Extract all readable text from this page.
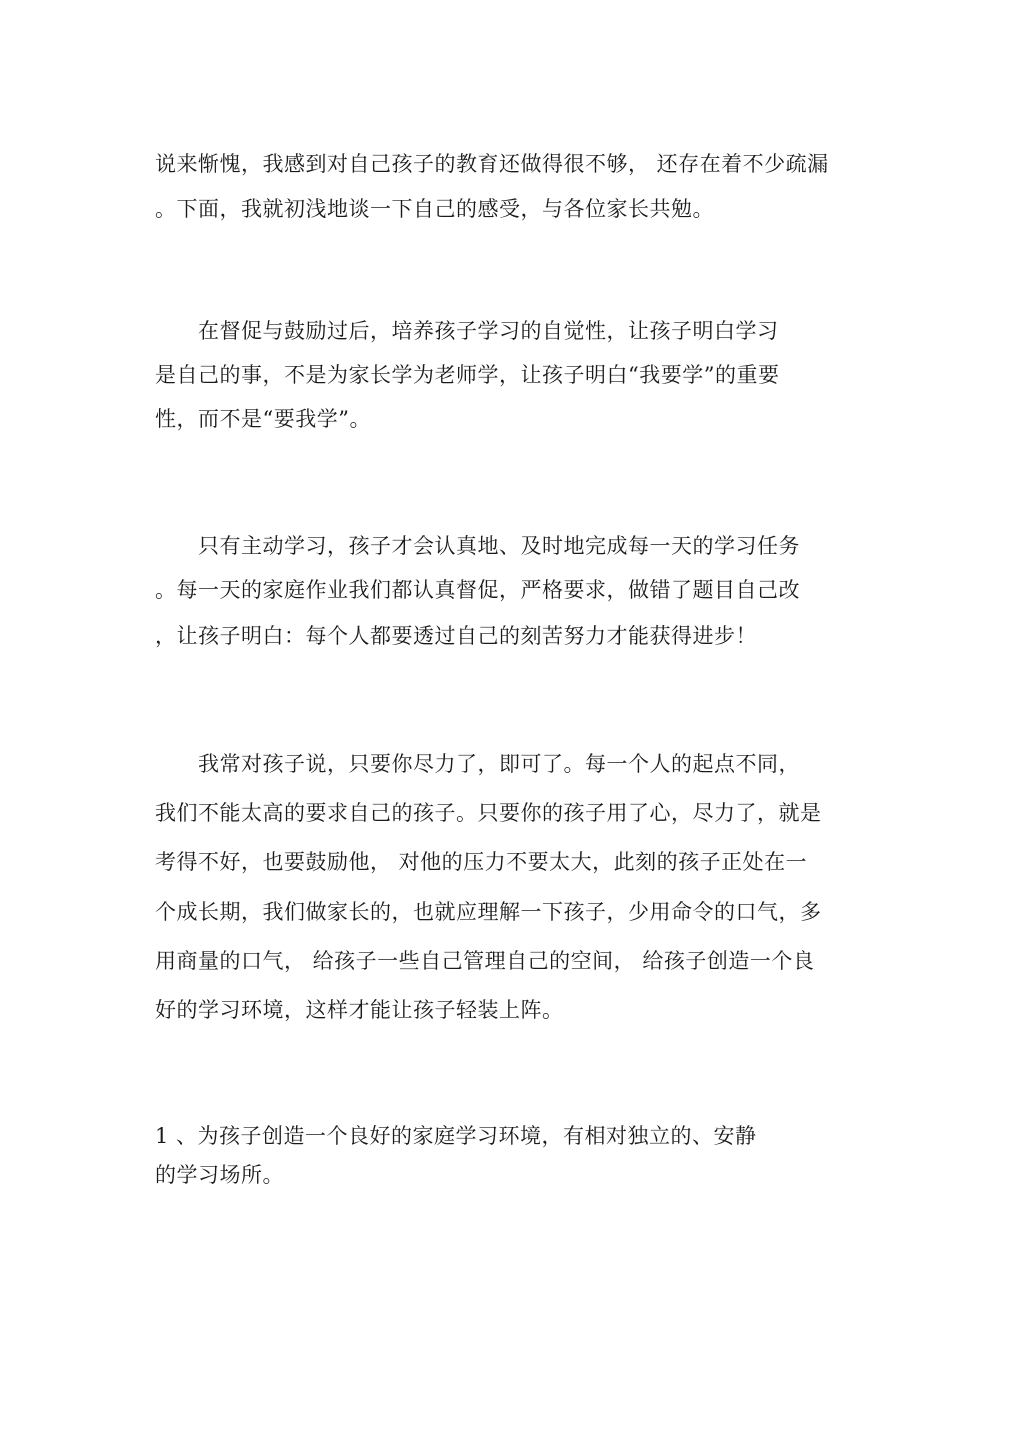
说来惭愧，我感到对自己孩子的教育还做得很不够， 还存在着不少疏漏
。下面，我就初浅地谈一下自己的感受，与各位家长共勉。
　　在督促与鼓励过后，培养孩子学习的自觉性，让孩子明白学习
是自己的事，不是为家长学为老师学，让孩子明白“我要学”的重要
性，而不是“要我学”。
　　只有主动学习，孩子才会认真地、及时地完成每一天的学习任务
。每一天的家庭作业我们都认真督促，严格要求，做错了题目自己改
，让孩子明白：每个人都要透过自己的刻苦努力才能获得进步！
　　我常对孩子说，只要你尽力了，即可了。每一个人的起点不同，
我们不能太高的要求自己的孩子。只要你的孩子用了心，尽力了，就是
考得不好，也要鼓励他， 对他的压力不要太大，此刻的孩子正处在一
个成长期，我们做家长的，也就应理解一下孩子，少用命令的口气，多
用商量的口气， 给孩子一些自己管理自己的空间， 给孩子创造一个良
好的学习环境，这样才能让孩子轻装上阵。
1 、为孩子创造一个良好的家庭学习环境，有相对独立的、安静
的学习场所。
